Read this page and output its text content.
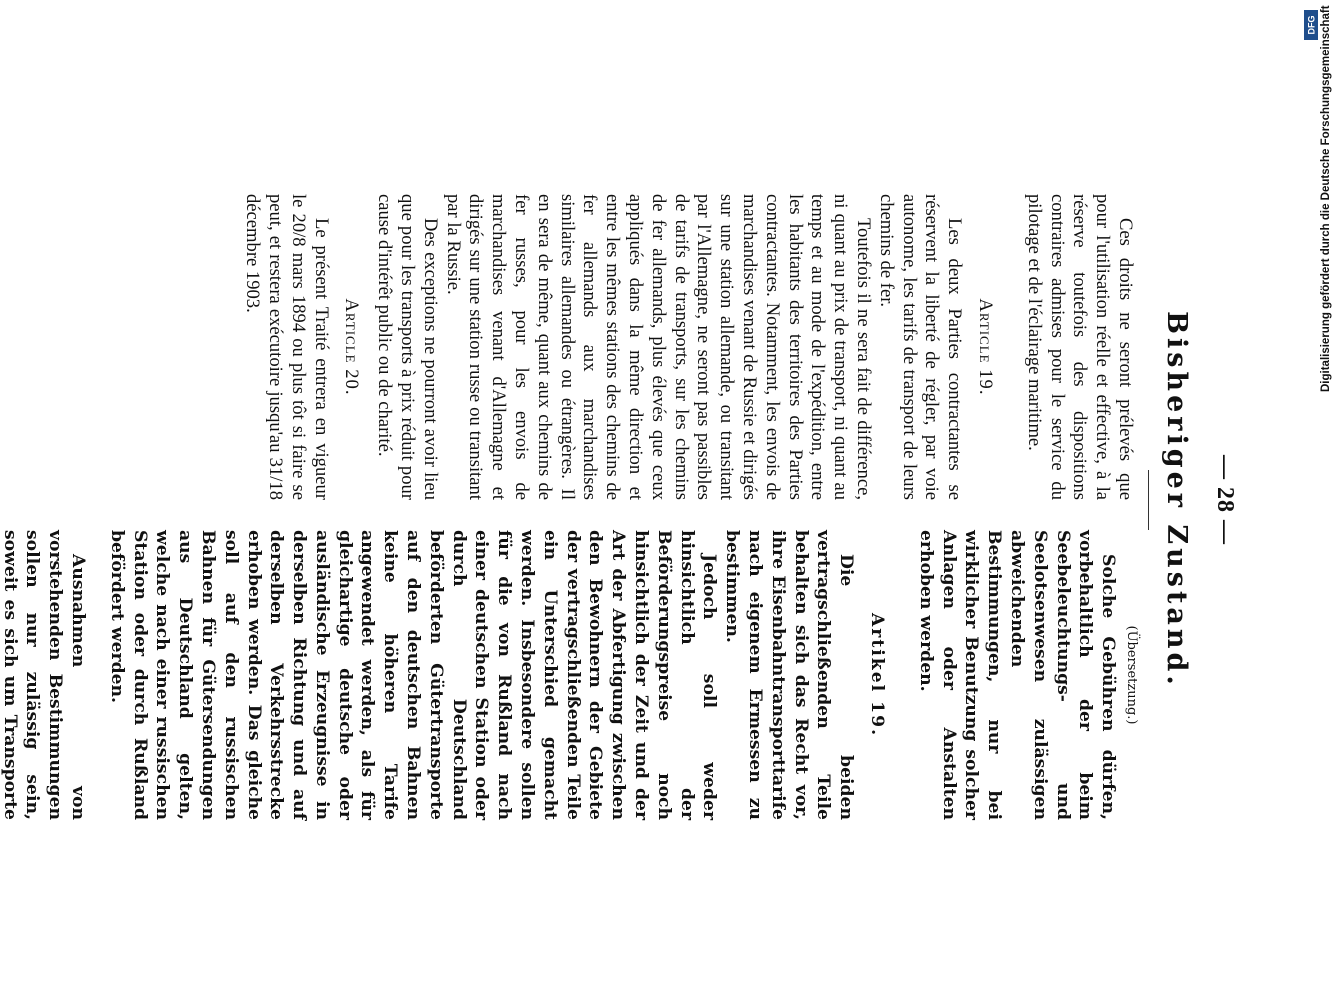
— 28 —
Bisheriger Zustand.

Ces droits ne seront prélevés que pour l'utilisation réelle et effective, à la réserve toutefois des dispositions contraires admises pour le service du pilotage et de l'éclairage maritime.

Article 19.

Les deux Parties contractantes se réservent la liberté de régler, par voie autonome, les tarifs de transport de leurs chemins de fer.

Toutefois il ne sera fait de différence, ni quant au prix de transport, ni quant au temps et au mode de l'expédition, entre les habitants des territoires des Parties contractantes. Notamment, les envois de marchandises venant de Russie et dirigés sur une station allemande, ou transitant par l'Allemagne, ne seront pas passibles de tarifs de transports, sur les chemins de fer allemands, plus élevés que ceux appliqués dans la même direction et entre les mêmes stations des chemins de fer allemands aux marchandises similaires allemandes ou étrangères. Il en sera de même, quant aux chemins de fer russes, pour les envois de marchandises venant d'Allemagne et dirigés sur une station russe ou transitant par la Russie.

Des exceptions ne pourront avoir lieu que pour les transports à prix réduit pour cause d'intérêt public ou de charité.

Article 20.

Le présent Traité entrera en vigueur le 20/8 mars 1894 ou plus tôt si faire se peut, et restera exécutoire jusqu'au 31/18 décembre 1903.

(Übersetzung.)

Solche Gebühren dürfen, vorbehaltlich der beim Seebeleuchtungs- und Seelotsenwesen zulässigen abweichenden Bestimmungen, nur bei wirklicher Benutzung solcher Anlagen oder Anstalten erhoben werden.

Artikel 19.

Die beiden vertragschließenden Teile behalten sich das Recht vor, ihre Eisenbahntransporttarife nach eigenem Ermessen zu bestimmen.

Jedoch soll weder hinsichtlich der Beförderungspreise noch hinsichtlich der Zeit und der Art der Abfertigung zwischen den Bewohnern der Gebiete der vertragschließenden Teile ein Unterschied gemacht werden. Insbesondere sollen für die von Rußland nach einer deutschen Station oder durch Deutschland beförderten Gütertransporte auf den deutschen Bahnen keine höheren Tarife angewendet werden, als für gleichartige deutsche oder ausländische Erzeugnisse in derselben Richtung und auf derselben Verkehrsstrecke erhoben werden. Das gleiche soll auf den russischen Bahnen für Gütersendungen aus Deutschland gelten, welche nach einer russischen Station oder durch Rußland befördert werden.

Ausnahmen von vorstehenden Bestimmungen sollen nur zulässig sein, soweit es sich um Transporte

DFG Digitalisierung gefördert durch die Deutsche Forschungsgemeinschaft
